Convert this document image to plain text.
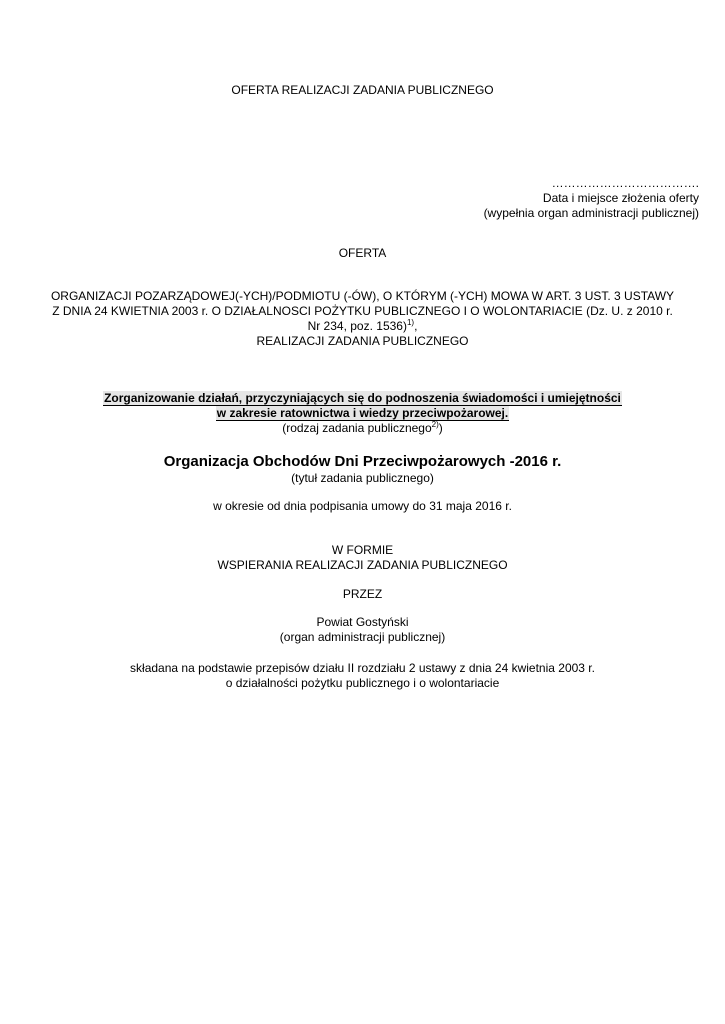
OFERTA REALIZACJI ZADANIA PUBLICZNEGO
……………………………….
Data i miejsce złożenia oferty
(wypełnia organ administracji publicznej)
OFERTA
ORGANIZACJI POZARZĄDOWEJ(-YCH)/PODMIOTU (-ÓW), O KTÓRYM (-YCH) MOWA W ART. 3 UST. 3 USTAWY
Z DNIA 24 KWIETNIA 2003 r. O DZIAŁALNOSCI POŻYTKU PUBLICZNEGO I O WOLONTARIACIE (Dz. U. z 2010 r.
Nr 234, poz. 1536)$^{1)}$,
REALIZACJI ZADANIA PUBLICZNEGO
Zorganizowanie działań, przyczyniających się do podnoszenia świadomości i umiejętności
w zakresie ratownictwa i wiedzy przeciwpożarowej.
(rodzaj zadania publicznego$^{2)}$)
Organizacja Obchodów Dni Przeciwpożarowych -2016 r.
(tytuł zadania publicznego)
w okresie od dnia podpisania umowy do 31 maja 2016 r.
W FORMIE
WSPIERANIA REALIZACJI ZADANIA PUBLICZNEGO
PRZEZ
Powiat Gostyński
(organ administracji publicznej)
składana na podstawie przepisów działu II rozdziału 2 ustawy z dnia 24 kwietnia 2003 r.
o działalności pożytku publicznego i o wolontariacie
